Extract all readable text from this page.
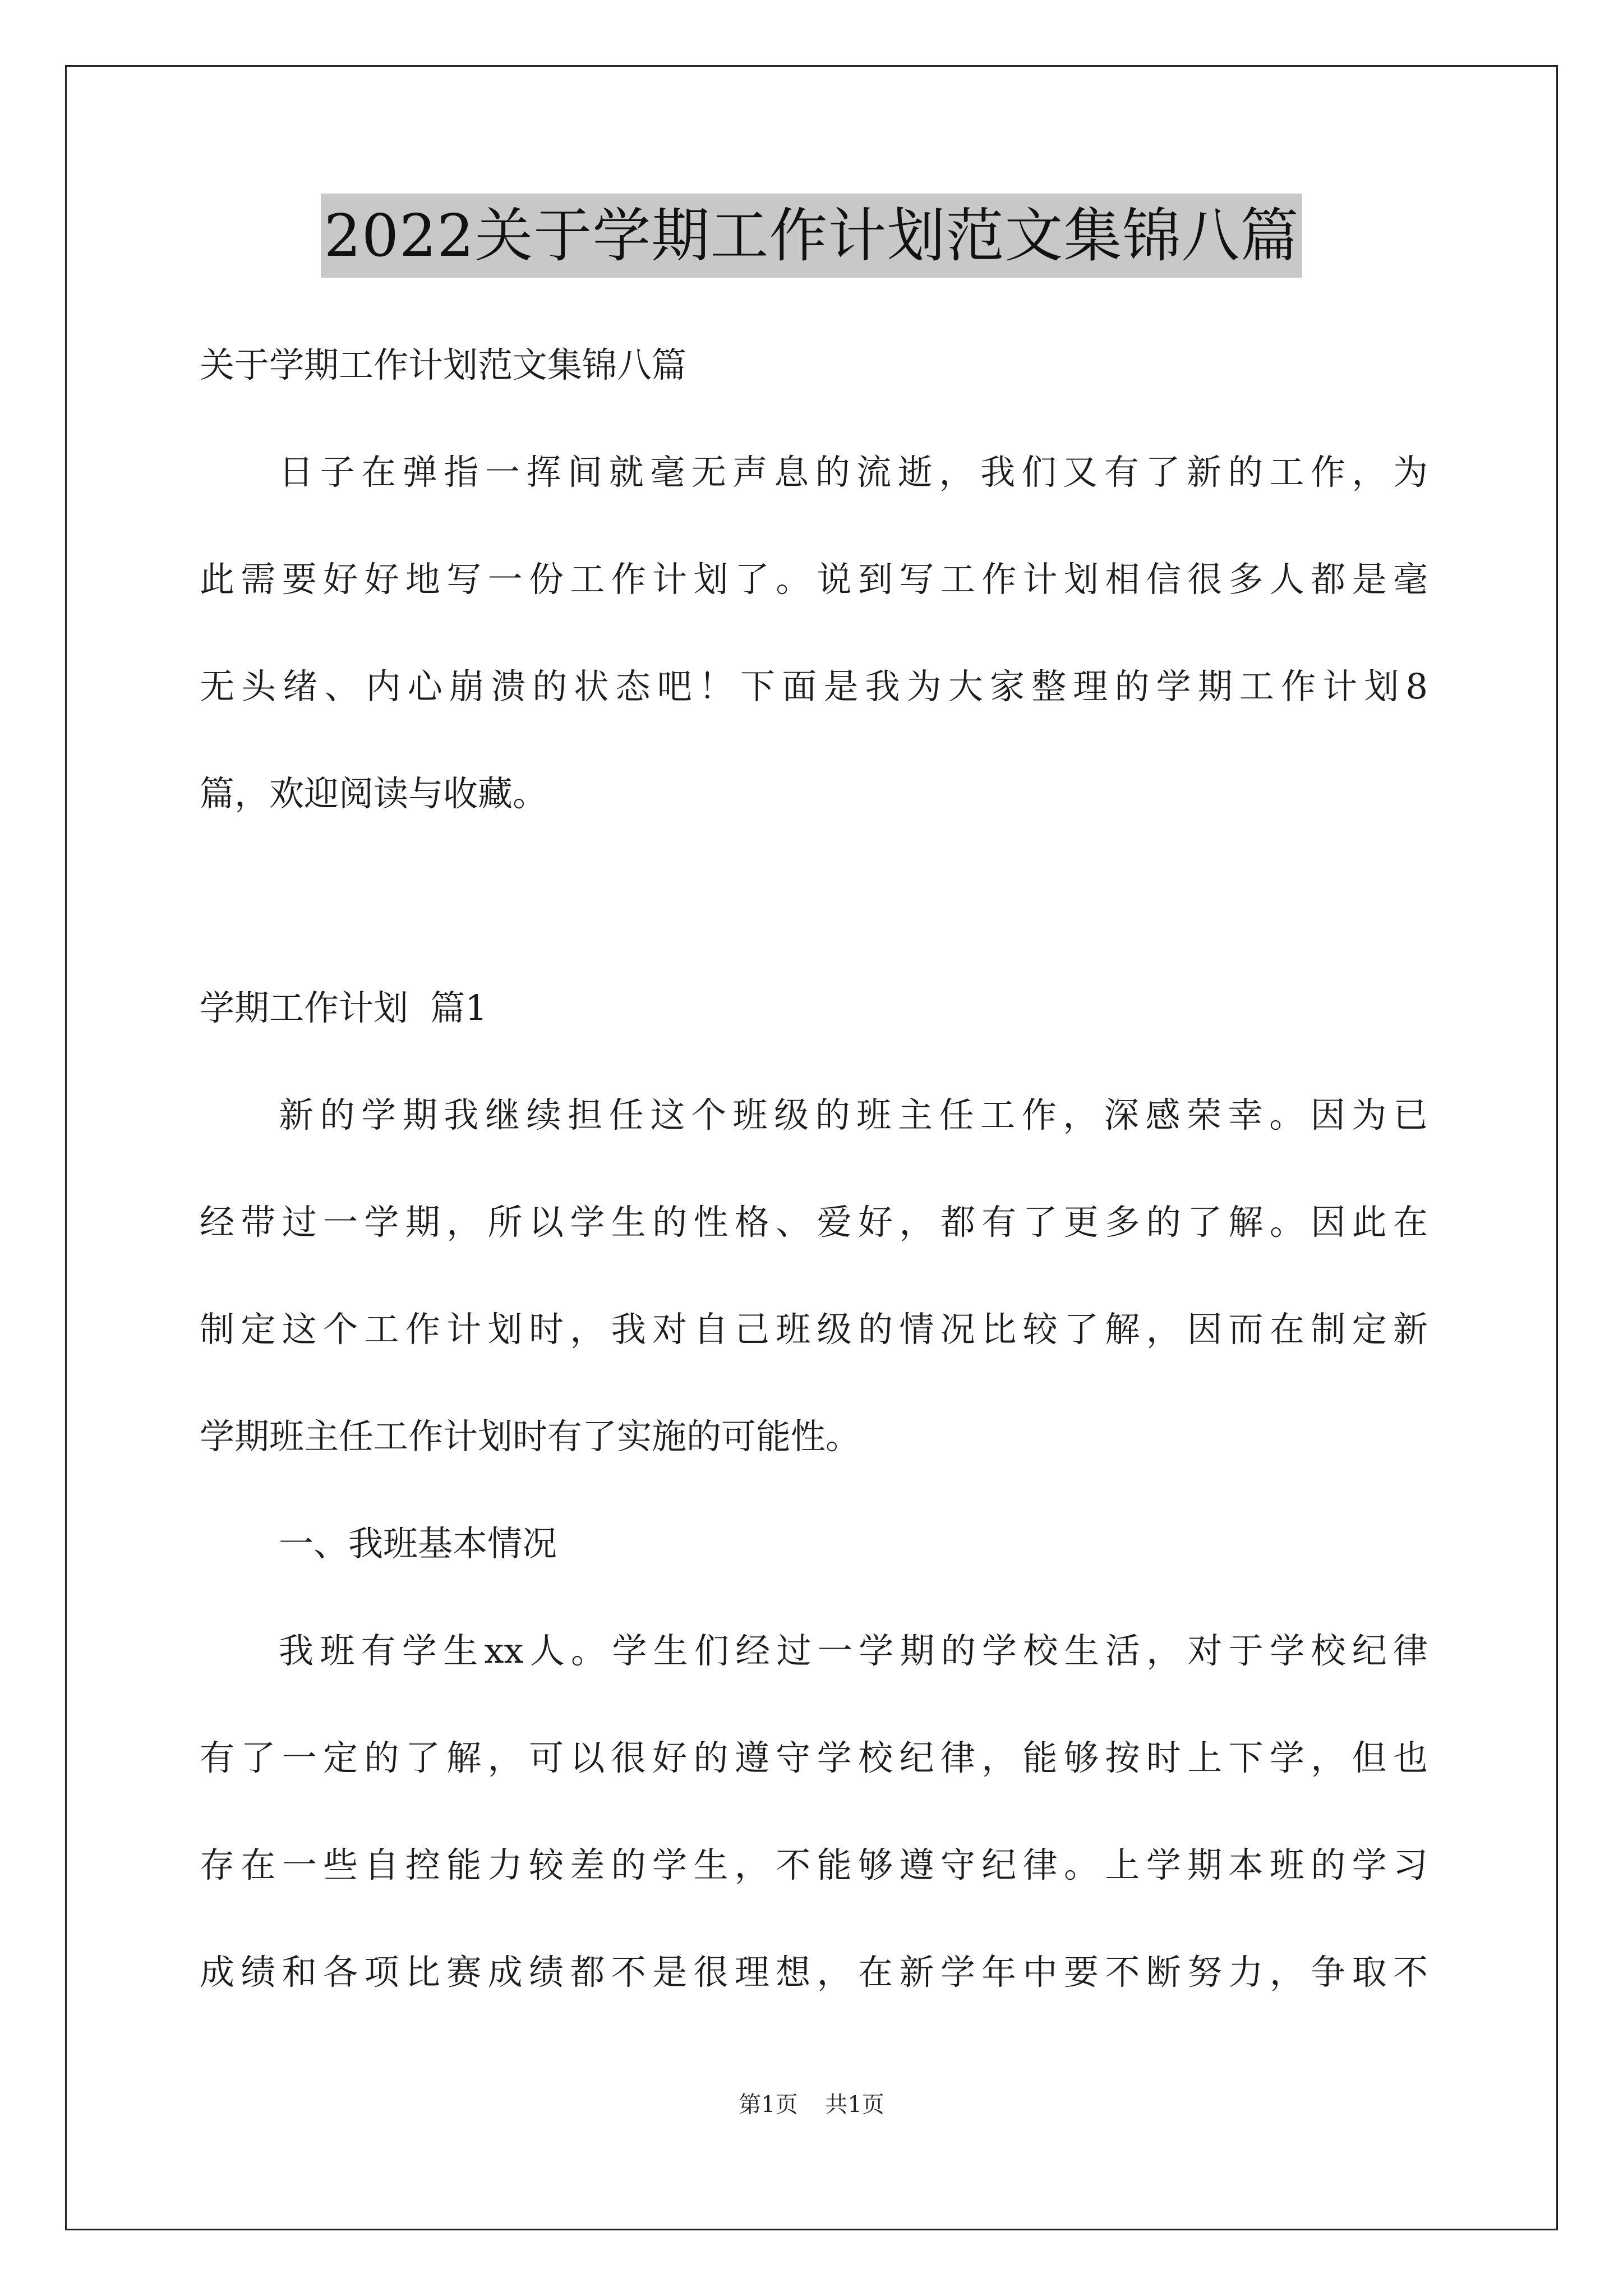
2022关于学期工作计划范文集锦八篇
关于学期工作计划范文集锦八篇
日子在弹指一挥间就毫无声息的流逝，我们又有了新的工作，为
此需要好好地写一份工作计划了。说到写工作计划相信很多人都是毫
无头绪、内心崩溃的状态吧！下面是我为大家整理的学期工作计划8
篇，欢迎阅读与收藏。
学期工作计划  篇1
新的学期我继续担任这个班级的班主任工作，深感荣幸。因为已
经带过一学期，所以学生的性格、爱好，都有了更多的了解。因此在
制定这个工作计划时，我对自己班级的情况比较了解，因而在制定新
学期班主任工作计划时有了实施的可能性。
一、我班基本情况
我班有学生xx人。学生们经过一学期的学校生活，对于学校纪律
有了一定的了解，可以很好的遵守学校纪律，能够按时上下学，但也
存在一些自控能力较差的学生，不能够遵守纪律。上学期本班的学习
成绩和各项比赛成绩都不是很理想，在新学年中要不断努力，争取不
第1页 共1页
